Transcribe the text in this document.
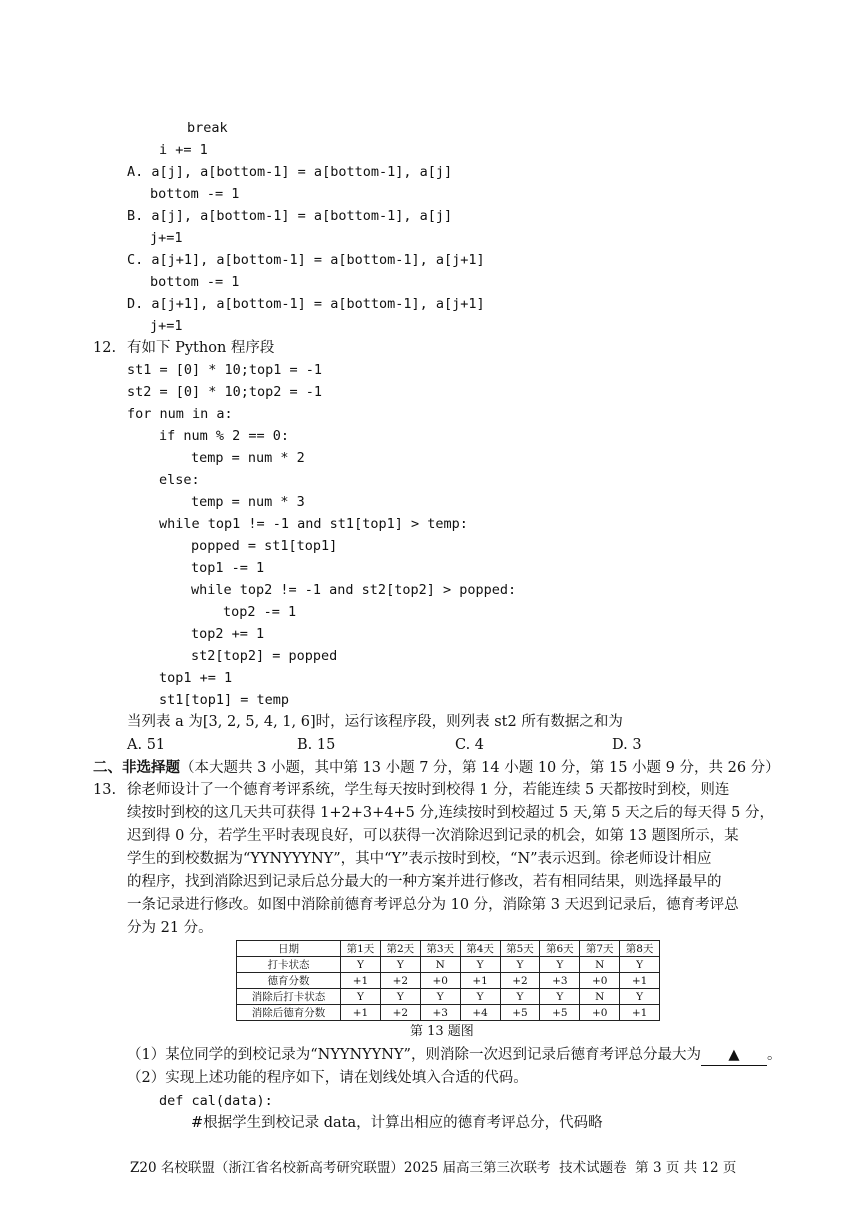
break
i += 1
A. a[j], a[bottom-1] = a[bottom-1], a[j]
bottom -= 1
B. a[j], a[bottom-1] = a[bottom-1], a[j]
j+=1
C. a[j+1], a[bottom-1] = a[bottom-1], a[j+1]
bottom -= 1
D. a[j+1], a[bottom-1] = a[bottom-1], a[j+1]
j+=1
12. 有如下 Python 程序段
st1 = [0] * 10;top1 = -1
st2 = [0] * 10;top2 = -1
for num in a:
if num % 2 == 0:
temp = num * 2
else:
temp = num * 3
while top1 != -1 and st1[top1] > temp:
popped = st1[top1]
top1 -= 1
while top2 != -1 and st2[top2] > popped:
top2 -= 1
top2 += 1
st2[top2] = popped
top1 += 1
st1[top1] = temp
当列表 a 为[3, 2, 5, 4, 1, 6]时，运行该程序段，则列表 st2 所有数据之和为
A. 51	B. 15	C. 4	D. 3
二、非选择题（本大题共 3 小题，其中第 13 小题 7 分，第 14 小题 10 分，第 15 小题 9 分，共 26 分）
13. 徐老师设计了一个德育考评系统，学生每天按时到校得 1 分，若能连续 5 天都按时到校，则连
续按时到校的这几天共可获得 1+2+3+4+5 分,连续按时到校超过 5 天,第 5 天之后的每天得 5 分，
迟到得 0 分，若学生平时表现良好，可以获得一次消除迟到记录的机会，如第 13 题图所示，某
学生的到校数据为“YYNYYYNY”，其中“Y”表示按时到校，“N”表示迟到。徐老师设计相应
的程序，找到消除迟到记录后总分最大的一种方案并进行修改，若有相同结果，则选择最早的
一条记录进行修改。如图中消除前德育考评总分为 10 分，消除第 3 天迟到记录后，德育考评总
分为 21 分。
日期	第1天	第2天	第3天	第4天	第5天	第6天	第7天	第8天
打卡状态	Y	Y	N	Y	Y	Y	N	Y
德育分数	+1	+2	+0	+1	+2	+3	+0	+1
消除后打卡状态	Y	Y	Y	Y	Y	Y	N	Y
消除后德育分数	+1	+2	+3	+4	+5	+5	+0	+1
第 13 题图
（1）某位同学的到校记录为“NYYNYYNY”，则消除一次迟到记录后德育考评总分最大为 ▲ 。
（2）实现上述功能的程序如下，请在划线处填入合适的代码。
def cal(data):
#根据学生到校记录 data，计算出相应的德育考评总分，代码略
Z20 名校联盟（浙江省名校新高考研究联盟）2025 届高三第三次联考  技术试题卷  第 3 页 共 12 页
